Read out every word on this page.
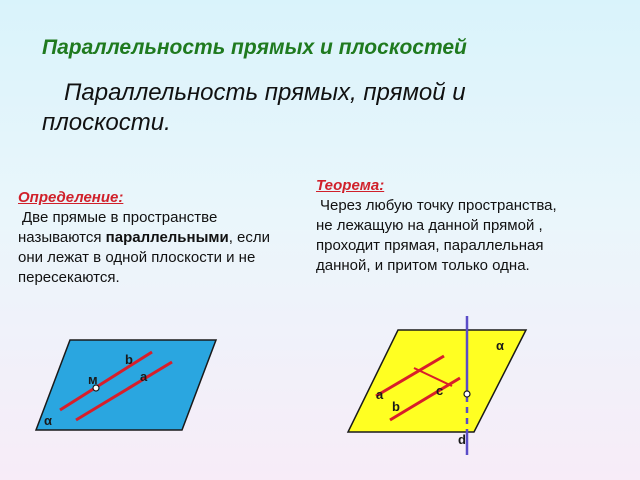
Параллельность прямых и плоскостей

Параллельность прямых, прямой и плоскости.

Определение:
Две прямые в пространстве называются параллельными, если они лежат в одной плоскости и не пересекаются.
Теорема:
Через любую точку пространства, не лежащую на данной прямой , проходит прямая, параллельная данной, и притом только одна.
b
a
м
α
α
c
a
b
d
